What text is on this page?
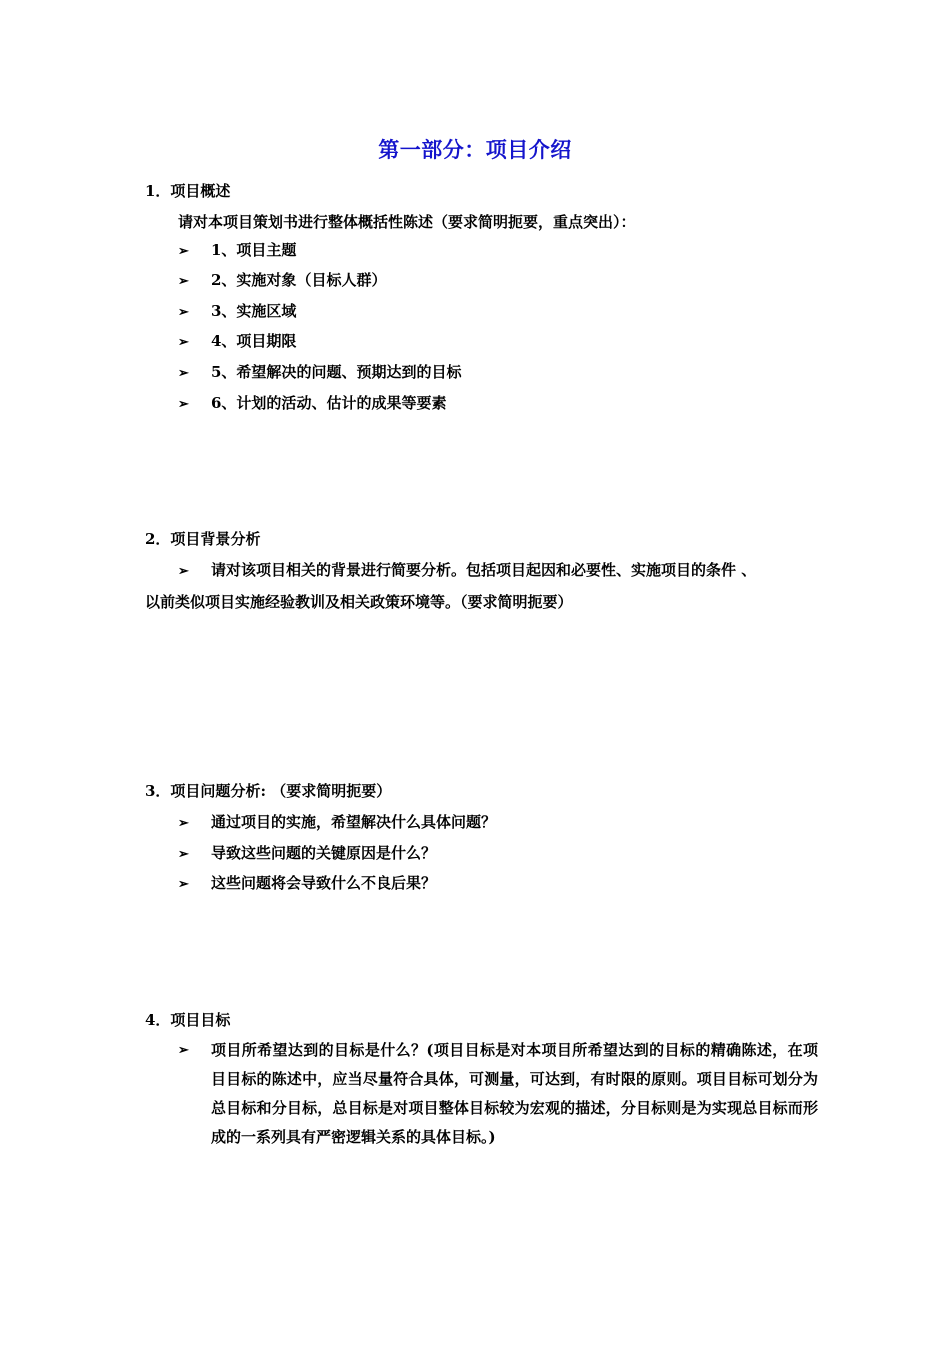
第一部分：项目介绍
1．项目概述
请对本项目策划书进行整体概括性陈述（要求简明扼要，重点突出）：
➢ 1、项目主题
➢ 2、实施对象（目标人群）
➢ 3、实施区域
➢ 4、项目期限
➢ 5、希望解决的问题、预期达到的目标
➢ 6、计划的活动、估计的成果等要素
2．项目背景分析
➢ 请对该项目相关的背景进行简要分析。包括项目起因和必要性、实施项目的条件 、
以前类似项目实施经验教训及相关政策环境等。（要求简明扼要）
3．项目问题分析: （要求简明扼要）
➢ 通过项目的实施，希望解决什么具体问题？
➢ 导致这些问题的关键原因是什么？
➢ 这些问题将会导致什么不良后果？
4．项目目标
➢	项目所希望达到的目标是什么？(项目目标是对本项目所希望达到的目标的精确陈述，在项目目标的陈述中，应当尽量符合具体，可测量，可达到，有时限的原则。项目目标可划分为总目标和分目标，总目标是对项目整体目标较为宏观的描述，分目标则是为实现总目标而形成的一系列具有严密逻辑关系的具体目标。)
